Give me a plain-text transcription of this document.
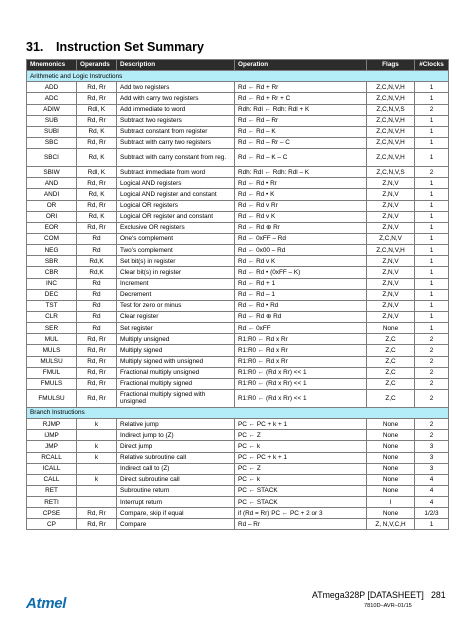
31. Instruction Set Summary
Mnemonics	Operands	Description	Operation	Flags	#Clocks
Arithmetic and Logic Instructions					
ADD	Rd, Rr	Add two registers	Rd ← Rd + Rr	Z,C,N,V,H	1
ADC	Rd, Rr	Add with carry two registers	Rd ← Rd + Rr + C	Z,C,N,V,H	1
ADIW	Rdl, K	Add immediate to word	Rdh: Rdl ← Rdh: Rdl + K	Z,C,N,V,S	2
SUB	Rd, Rr	Subtract two registers	Rd ← Rd – Rr	Z,C,N,V,H	1
SUBI	Rd, K	Subtract constant from register	Rd ← Rd – K	Z,C,N,V,H	1
SBC	Rd, Rr	Subtract with carry two registers	Rd ← Rd – Rr – C	Z,C,N,V,H	1
SBCI	Rd, K	Subtract with carry constant from reg.	Rd ← Rd – K – C	Z,C,N,V,H	1
SBIW	Rdl, K	Subtract immediate from word	Rdh: Rdl ← Rdh: Rdl – K	Z,C,N,V,S	2
AND	Rd, Rr	Logical AND registers	Rd ← Rd • Rr	Z,N,V	1
ANDI	Rd, K	Logical AND register and constant	Rd ← Rd • K	Z,N,V	1
OR	Rd, Rr	Logical OR registers	Rd ← Rd v Rr	Z,N,V	1
ORI	Rd, K	Logical OR register and constant	Rd ← Rd v K	Z,N,V	1
EOR	Rd, Rr	Exclusive OR registers	Rd ← Rd ⊕ Rr	Z,N,V	1
COM	Rd	One's complement	Rd ← 0xFF – Rd	Z,C,N,V	1
NEG	Rd	Two's complement	Rd ← 0x00 – Rd	Z,C,N,V,H	1
SBR	Rd,K	Set bit(s) in register	Rd ← Rd v K	Z,N,V	1
CBR	Rd,K	Clear bit(s) in register	Rd ← Rd • (0xFF – K)	Z,N,V	1
INC	Rd	Increment	Rd ← Rd + 1	Z,N,V	1
DEC	Rd	Decrement	Rd ← Rd – 1	Z,N,V	1
TST	Rd	Test for zero or minus	Rd ← Rd • Rd	Z,N,V	1
CLR	Rd	Clear register	Rd ← Rd ⊕ Rd	Z,N,V	1
SER	Rd	Set register	Rd ← 0xFF	None	1
MUL	Rd, Rr	Multiply unsigned	R1:R0 ← Rd x Rr	Z,C	2
MULS	Rd, Rr	Multiply signed	R1:R0 ← Rd x Rr	Z,C	2
MULSU	Rd, Rr	Multiply signed with unsigned	R1:R0 ← Rd x Rr	Z,C	2
FMUL	Rd, Rr	Fractional multiply unsigned	R1:R0 ← (Rd x Rr) << 1	Z,C	2
FMULS	Rd, Rr	Fractional multiply signed	R1:R0 ← (Rd x Rr) << 1	Z,C	2
FMULSU	Rd, Rr	Fractional multiply signed with unsigned	R1:R0 ← (Rd x Rr) << 1	Z,C	2
Branch Instructions					
RJMP	k	Relative jump	PC ← PC + k + 1	None	2
IJMP		Indirect jump to (Z)	PC ← Z	None	2
JMP	k	Direct jump	PC ← k	None	3
RCALL	k	Relative subroutine call	PC ← PC + k + 1	None	3
ICALL		Indirect call to (Z)	PC ← Z	None	3
CALL	k	Direct subroutine call	PC ← k	None	4
RET		Subroutine return	PC ← STACK	None	4
RETI		Interrupt return	PC ← STACK	I	4
CPSE	Rd, Rr	Compare, skip if equal	if (Rd = Rr) PC ← PC + 2 or 3	None	1/2/3
CP	Rd, Rr	Compare	Rd – Rr	Z, N,V,C,H	1
Atmel	ATmega328P [DATASHEET] 281
7810D–AVR–01/15
